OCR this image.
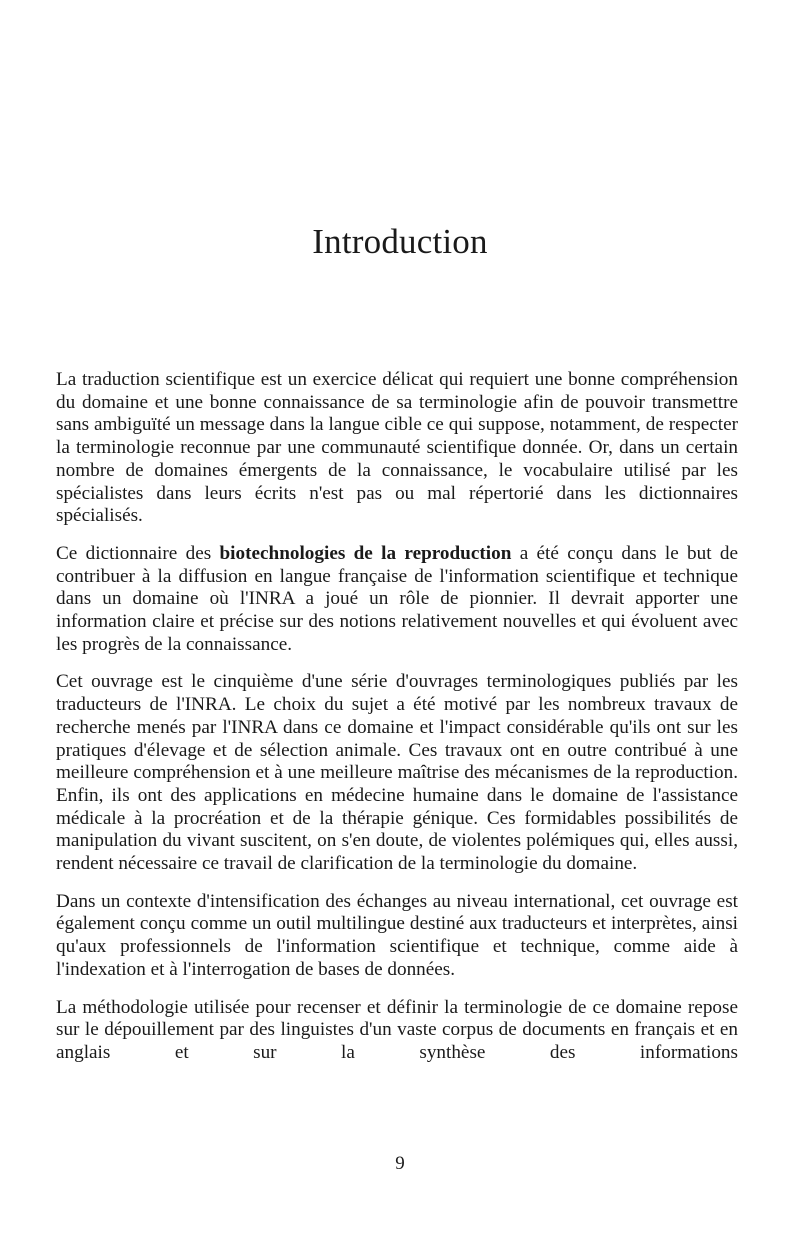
Introduction

La traduction scientifique est un exercice délicat qui requiert une bonne compréhension du domaine et une bonne connaissance de sa terminologie afin de pouvoir transmettre sans ambiguïté un message dans la langue cible ce qui suppose, notamment, de respecter la terminologie reconnue par une communauté scientifique donnée. Or, dans un certain nombre de domaines émergents de la connaissance, le vocabulaire utilisé par les spécialistes dans leurs écrits n'est pas ou mal répertorié dans les dictionnaires spécialisés.

Ce dictionnaire des biotechnologies de la reproduction a été conçu dans le but de contribuer à la diffusion en langue française de l'information scientifique et technique dans un domaine où l'INRA a joué un rôle de pionnier. Il devrait apporter une information claire et précise sur des notions relativement nouvelles et qui évoluent avec les progrès de la connaissance.

Cet ouvrage est le cinquième d'une série d'ouvrages terminologiques publiés par les traducteurs de l'INRA. Le choix du sujet a été motivé par les nombreux travaux de recherche menés par l'INRA dans ce domaine et l'impact considérable qu'ils ont sur les pratiques d'élevage et de sélection animale. Ces travaux ont en outre contribué à une meilleure compréhension et à une meilleure maîtrise des mécanismes de la reproduction. Enfin, ils ont des applications en médecine humaine dans le domaine de l'assistance médicale à la procréation et de la thérapie génique. Ces formidables possibilités de manipulation du vivant suscitent, on s'en doute, de violentes polémiques qui, elles aussi, rendent nécessaire ce travail de clarification de la terminologie du domaine.

Dans un contexte d'intensification des échanges au niveau international, cet ouvrage est également conçu comme un outil multilingue destiné aux traducteurs et interprètes, ainsi qu'aux professionnels de l'information scientifique et technique, comme aide à l'indexation et à l'interrogation de bases de données.

La méthodologie utilisée pour recenser et définir la terminologie de ce domaine repose sur le dépouillement par des linguistes d'un vaste corpus de documents en français et en anglais et sur la synthèse des informations

9
